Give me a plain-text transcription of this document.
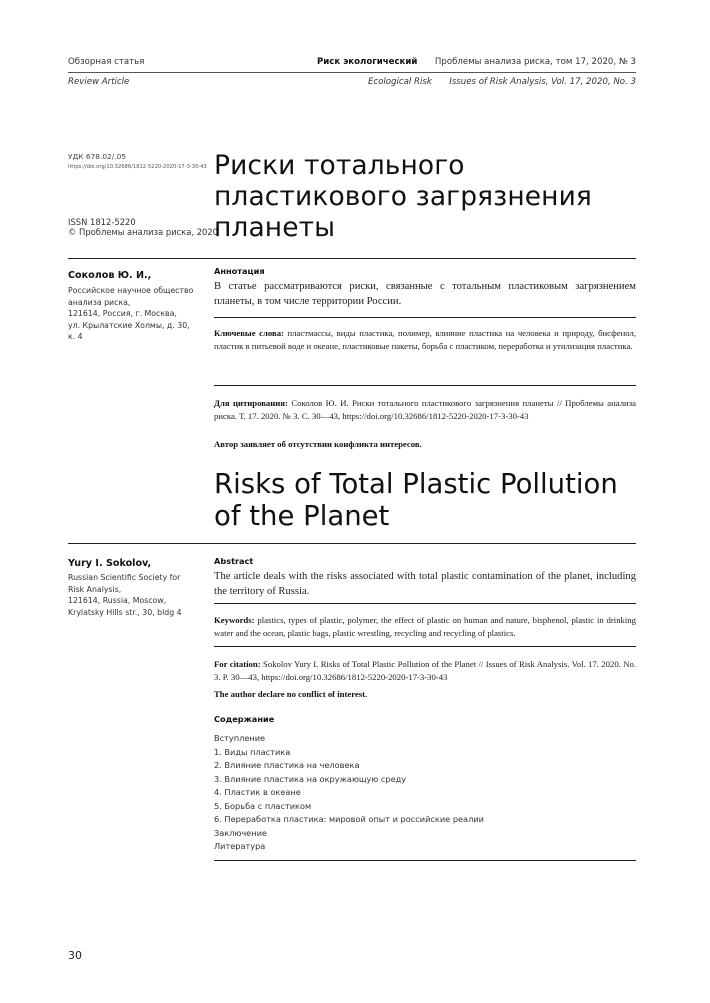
Обзорная статья	Риск экологический Проблемы анализа риска, том 17, 2020, № 3
Review Article	Ecological Risk Issues of Risk Analysis, Vol. 17, 2020, No. 3
УДК 678.02/.05
https://doi.org/10.32686/1812-5220-2020-17-3-30-43
ISSN 1812-5220
© Проблемы анализа риска, 2020
Риски тотального
пластикового загрязнения
планеты
Соколов Ю. И.,
Российское научное общество
анализа риска,
121614, Россия, г. Москва,
ул. Крылатские Холмы, д. 30,
к. 4
Аннотация
В статье рассматриваются риски, связанные с тотальным пластиковым загрязнением планеты, в том числе территории России.
Ключевые слова: пластмассы, виды пластика, полимер, влияние пластика на человека и природу, бисфенол, пластик в питьевой воде и океане, пластиковые пакеты, борьба с пластиком, переработка и утилизация пластика.
Для цитирования: Соколов Ю. И. Риски тотального пластикового загрязнения планеты // Проблемы анализа риска. Т. 17. 2020. № 3. С. 30—43, https://doi.org/10.32686/1812-5220-2020-17-3-30-43
Автор заявляет об отсутствии конфликта интересов.
Risks of Total Plastic Pollution
of the Planet
Yury I. Sokolov,
Russian Scientific Society for
Risk Analysis,
121614, Russia, Moscow,
Krylatsky Hills str., 30, bldg 4
Abstract
The article deals with the risks associated with total plastic contamination of the planet, including the territory of Russia.
Keywords: plastics, types of plastic, polymer, the effect of plastic on human and nature, bisphenol, plastic in drinking water and the ocean, plastic bags, plastic wrestling, recycling and recycling of plastics.
For citation: Sokolov Yury I. Risks of Total Plastic Pollution of the Planet // Issues of Risk Analysis. Vol. 17. 2020. No. 3. P. 30—43, https://doi.org/10.32686/1812-5220-2020-17-3-30-43
The author declare no conflict of interest.
Содержание
Вступление
1. Виды пластика
2. Влияние пластика на человека
3. Влияние пластика на окружающую среду
4. Пластик в океане
5. Борьба с пластиком
6. Переработка пластика: мировой опыт и российские реалии
Заключение
Литература
30
